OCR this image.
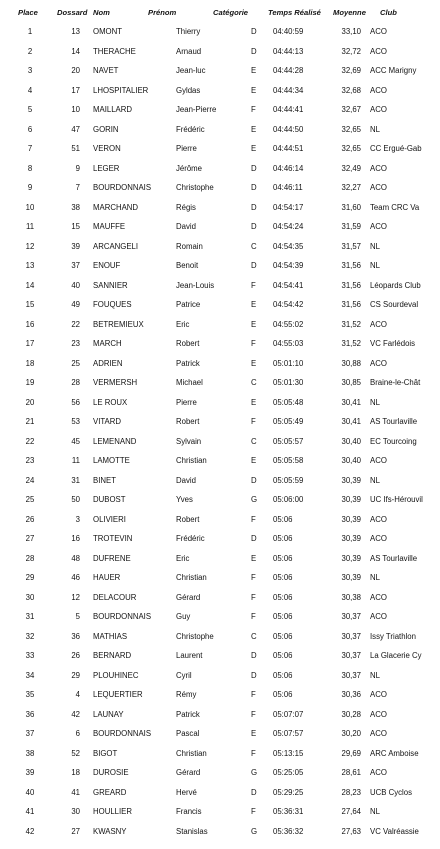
Place	Dossard Nom	Prénom	Catégorie	Temps Réalisé Moyenne Club
1	13 OMONT	Thierry	D 04:40:59	33,10 ACO
2	14 THERACHE	Arnaud	D 04:44:13	32,72 ACO
3	20 NAVET	Jean-luc	E 04:44:28	32,69 ACC Marigny
4	17 LHOSPITALIER	Gyldas	E 04:44:34	32,68 ACO
5	10 MAILLARD	Jean-Pierre	F 04:44:41	32,67 ACO
6	47 GORIN	Frédéric	E 04:44:50	32,65 NL
7	51 VERON	Pierre	E 04:44:51	32,65 CC Ergué-Gab
8	9 LEGER	Jérôme	D 04:46:14	32,49 ACO
9	7 BOURDONNAIS	Christophe	D 04:46:11	32,27 ACO
10	38 MARCHAND	Régis	D 04:54:17	31,60 Team CRC Va
11	15 MAUFFE	David	D 04:54:24	31,59 ACO
12	39 ARCANGELI	Romain	C 04:54:35	31,57 NL
13	37 ENOUF	Benoit	D 04:54:39	31,56 NL
14	40 SANNIER	Jean-Louis	F 04:54:41	31,56 Léopards Club
15	49 FOUQUES	Patrice	E 04:54:42	31,56 CS Sourdeval
16	22 BETREMIEUX	Eric	E 04:55:02	31,52 ACO
17	23 MARCH	Robert	F 04:55:03	31,52 VC Farlédois
18	25 ADRIEN	Patrick	E 05:01:10	30,88 ACO
19	28 VERMERSH	Michael	C 05:01:30	30,85 Braine-le-Chât
20	56 LE ROUX	Pierre	E 05:05:48	30,41 NL
21	53 VITARD	Robert	F 05:05:49	30,41 AS Tourlaville
22	45 LEMENAND	Sylvain	C 05:05:57	30,40 EC Tourcoing
23	11 LAMOTTE	Christian	E 05:05:58	30,40 ACO
24	31 BINET	David	D 05:05:59	30,39 NL
25	50 DUBOST	Yves	G 05:06:00	30,39 UC Ifs-Hérouvil
26	3 OLIVIERI	Robert	F 05:06	30,39 ACO
27	16 TROTEVIN	Frédéric	D 05:06	30,39 ACO
28	48 DUFRENE	Eric	E 05:06	30,39 AS Tourlaville
29	46 HAUER	Christian	F 05:06	30,39 NL
30	12 DELACOUR	Gérard	F 05:06	30,38 ACO
31	5 BOURDONNAIS	Guy	F 05:06	30,37 ACO
32	36 MATHIAS	Christophe	C 05:06	30,37 Issy Triathlon
33	26 BERNARD	Laurent	D 05:06	30,37 La Glacerie Cy
34	29 PLOUHINEC	Cyril	D 05:06	30,37 NL
35	4 LEQUERTIER	Rémy	F 05:06	30,36 ACO
36	42 LAUNAY	Patrick	F 05:07:07	30,28 ACO
37	6 BOURDONNAIS	Pascal	E 05:07:57	30,20 ACO
38	52 BIGOT	Christian	F 05:13:15	29,69 ARC Amboise
39	18 DUROSIE	Gérard	G 05:25:05	28,61 ACO
40	41 GREARD	Hervé	D 05:29:25	28,23 UCB Cyclos
41	30 HOULLIER	Francis	F 05:36:31	27,64 NL
42	27 KWASNY	Stanislas	G 05:36:32	27,63 VC Valréassie
